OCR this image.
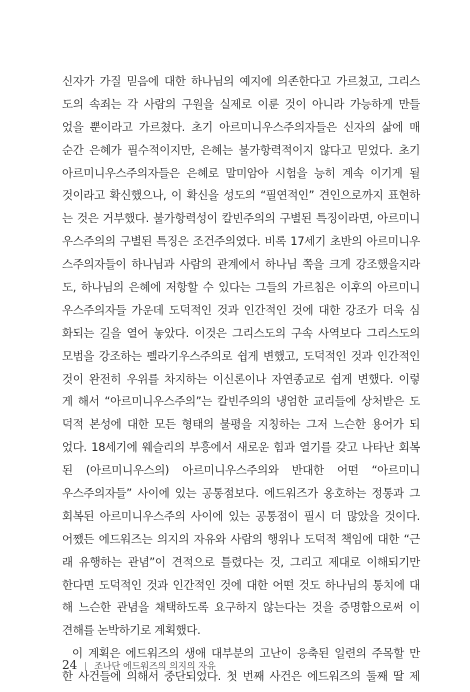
신자가 가질 믿음에 대한 하나님의 예지에 의존한다고 가르쳤고, 그리스
도의 속죄는 각 사람의 구원을 실제로 이룬 것이 아니라 가능하게 만들
었을 뿐이라고 가르쳤다. 초기 아르미니우스주의자들은 신자의 삶에 매
순간 은혜가 필수적이지만, 은혜는 불가항력적이지 않다고 믿었다. 초기
아르미니우스주의자들은 은혜로 말미암아 시험을 능히 계속 이기게 될
것이라고 확신했으나, 이 확신을 성도의 “필연적인” 견인으로까지 표현하
는 것은 거부했다. 불가항력성이 칼빈주의의 구별된 특징이라면, 아르미니
우스주의의 구별된 특징은 조건주의였다. 비록 17세기 초반의 아르미니우
스주의자들이 하나님과 사람의 관계에서 하나님 쪽을 크게 강조했을지라
도, 하나님의 은혜에 저항할 수 있다는 그들의 가르침은 이후의 아르미니
우스주의자들 가운데 도덕적인 것과 인간적인 것에 대한 강조가 더욱 심
화되는 길을 열어 놓았다. 이것은 그리스도의 구속 사역보다 그리스도의
모범을 강조하는 펠라기우스주의로 쉽게 변했고, 도덕적인 것과 인간적인
것이 완전히 우위를 차지하는 이신론이나 자연종교로 쉽게 변했다. 이렇
게 해서 “아르미니우스주의”는 칼빈주의의 냉엄한 교리들에 상처받은 도
덕적 본성에 대한 모든 형태의 불평을 지칭하는 그저 느슨한 용어가 되
었다. 18세기에 웨슬리의 부흥에서 새로운 힘과 열기를 갖고 나타난 회복
된 (아르미니우스의) 아르미니우스주의와 반대한 어떤 “아르미니
우스주의자들” 사이에 있는 공통점보다. 에드워즈가 옹호하는 정통과 그
회복된 아르미니우스주의 사이에 있는 공통점이 필시 더 많았을 것이다.
어쨌든 에드워즈는 의지의 자유와 사람의 행위나 도덕적 책임에 대한 “근
래 유행하는 관념”이 견적으로 틀렸다는 것, 그리고 제대로 이해되기만
한다면 도덕적인 것과 인간적인 것에 대한 어떤 것도 하나님의 통치에 대
해 느슨한 관념을 채택하도록 요구하지 않는다는 것을 증명함으로써 이
견해를 논박하기로 계획했다.
이 계획은 에드워즈의 생애 대부분의 고난이 응축된 일련의 주목할 만
한 사건들에 의해서 중단되었다. 첫 번째 사건은 에드워즈의 둘째 딸 제
24 | 조나단 에드워즈의 의지의 자유
